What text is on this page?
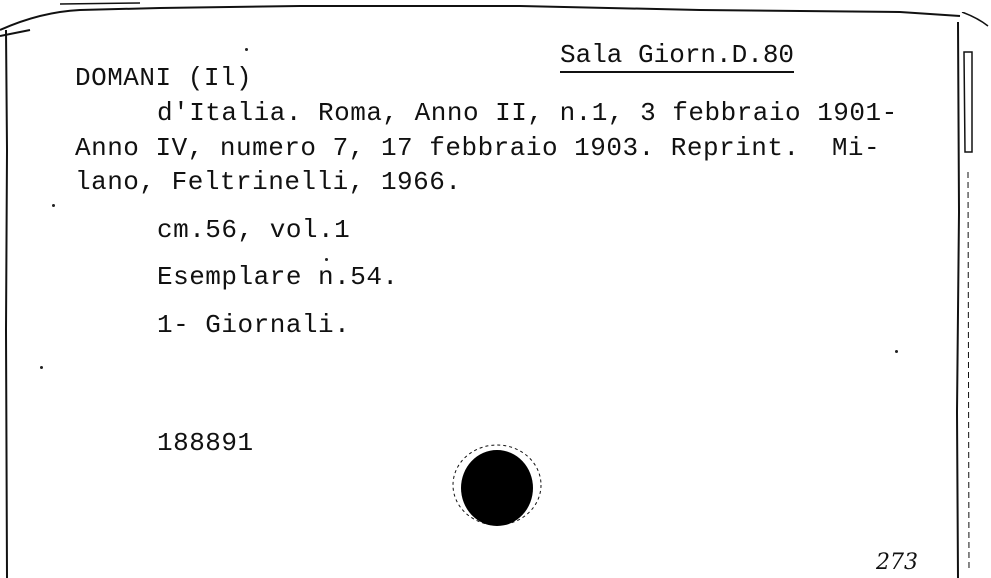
Sala Giorn.D.80
DOMANI (Il)
d'Italia. Roma, Anno II, n.1, 3 febbraio 1901-
Anno IV, numero 7, 17 febbraio 1903. Reprint.  Mi-
lano, Feltrinelli, 1966.
cm.56, vol.1
Esemplare n.54.
1- Giornali.
188891
273
